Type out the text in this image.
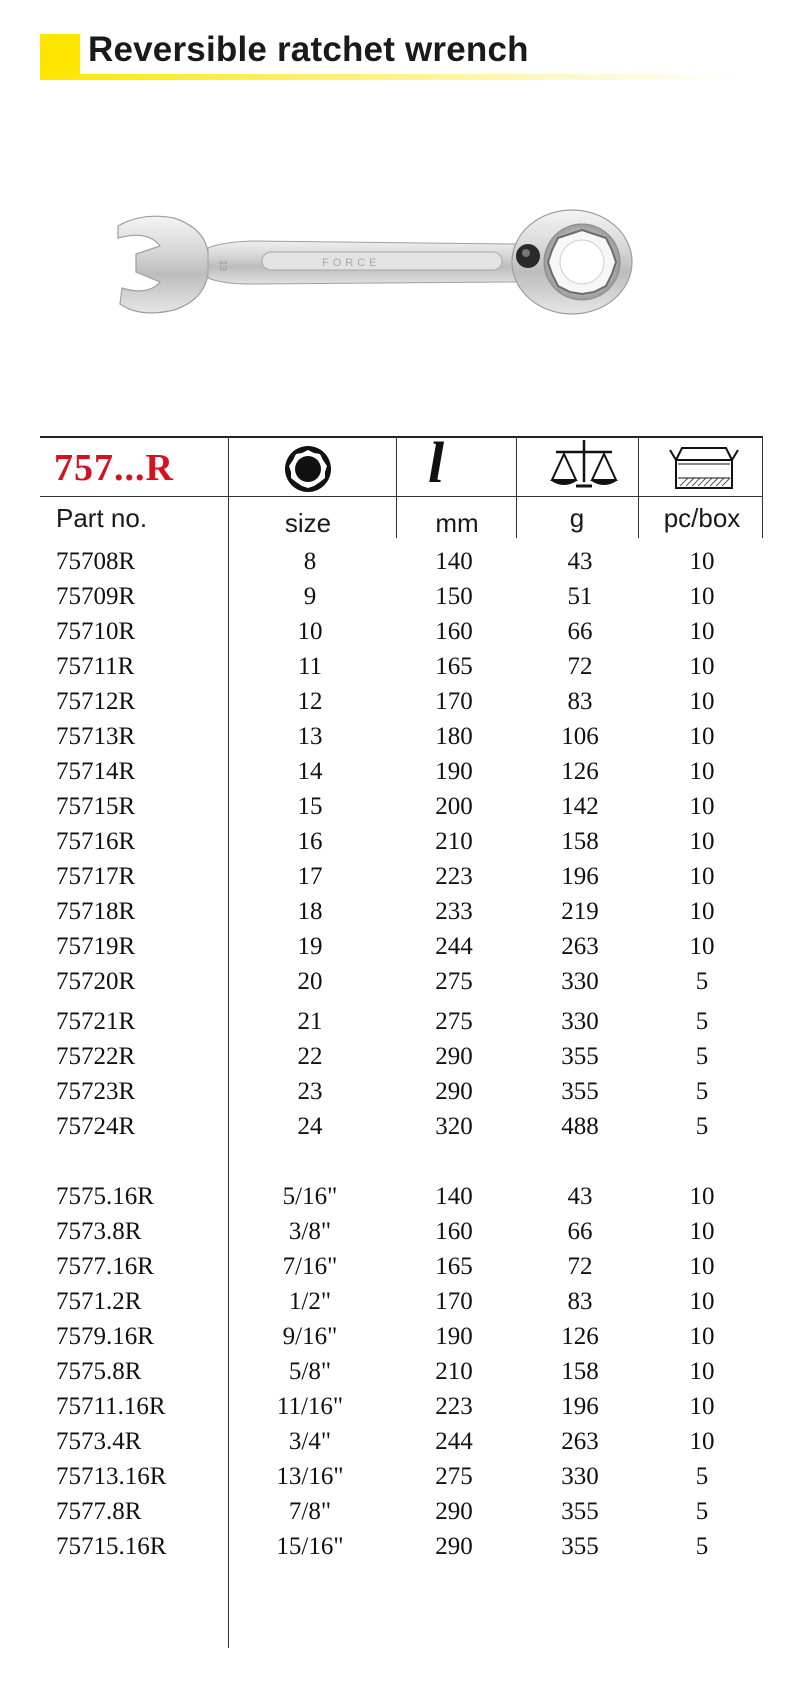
Reversible ratchet wrench
13	FORCE
757...R	l
Part no.	size	mm	g	pc/box
75708R	8	140	43	10
75709R	9	150	51	10
75710R	10	160	66	10
75711R	11	165	72	10
75712R	12	170	83	10
75713R	13	180	106	10
75714R	14	190	126	10
75715R	15	200	142	10
75716R	16	210	158	10
75717R	17	223	196	10
75718R	18	233	219	10
75719R	19	244	263	10
75720R	20	275	330	5
75721R	21	275	330	5
75722R	22	290	355	5
75723R	23	290	355	5
75724R	24	320	488	5
7575.16R	5/16"	140	43	10
7573.8R	3/8"	160	66	10
7577.16R	7/16"	165	72	10
7571.2R	1/2"	170	83	10
7579.16R	9/16"	190	126	10
7575.8R	5/8"	210	158	10
75711.16R	11/16"	223	196	10
7573.4R	3/4"	244	263	10
75713.16R	13/16"	275	330	5
7577.8R	7/8"	290	355	5
75715.16R	15/16"	290	355	5
